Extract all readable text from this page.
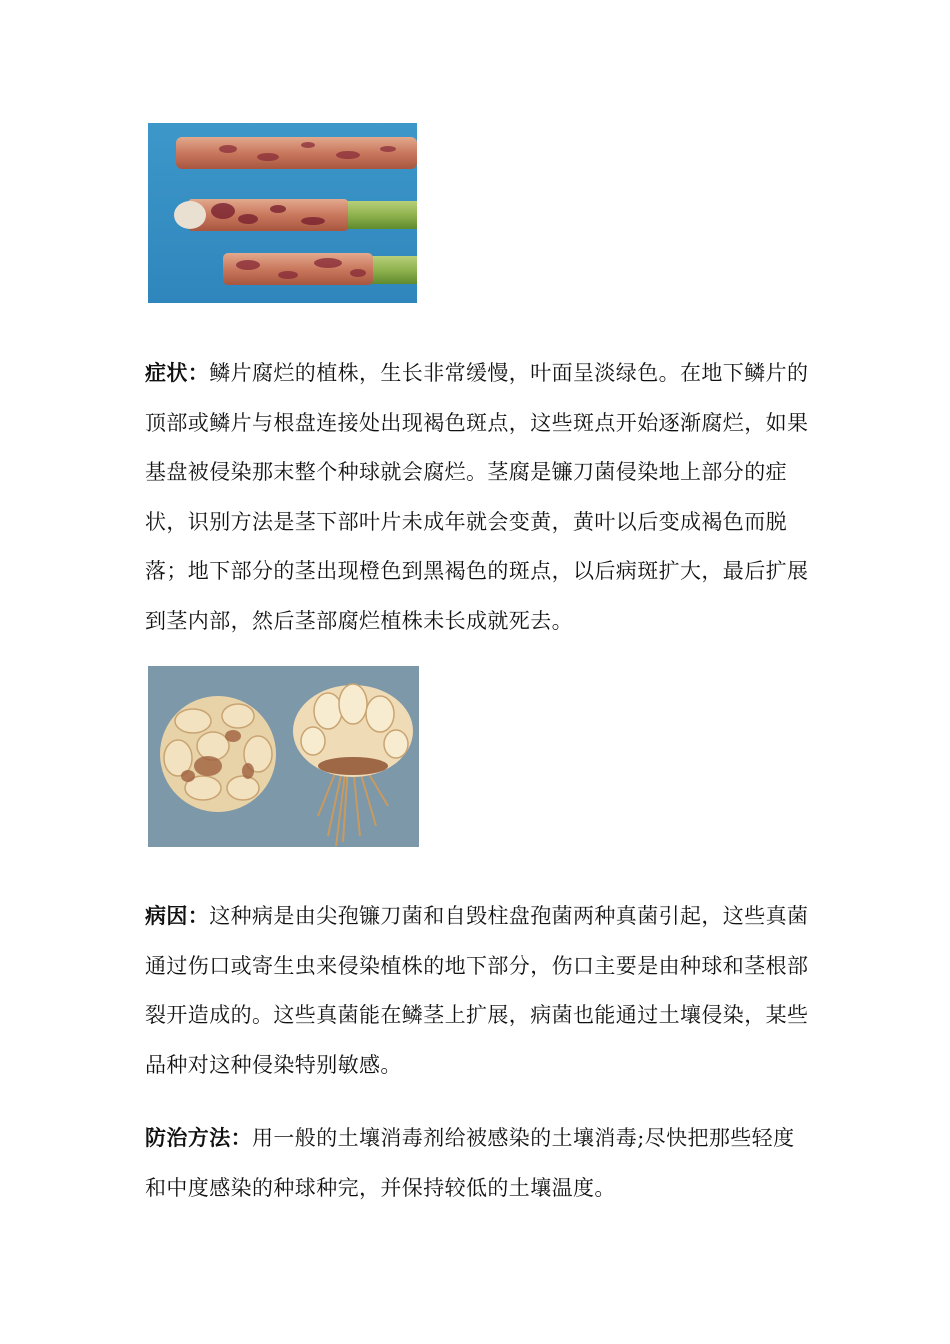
症状：鳞片腐烂的植株，生长非常缓慢，叶面呈淡绿色。在地下鳞片的顶部或鳞片与根盘连接处出现褐色斑点，这些斑点开始逐渐腐烂，如果基盘被侵染那末整个种球就会腐烂。茎腐是镰刀菌侵染地上部分的症状，识别方法是茎下部叶片未成年就会变黄，黄叶以后变成褐色而脱落；地下部分的茎出现橙色到黑褐色的斑点，以后病斑扩大，最后扩展到茎内部，然后茎部腐烂植株未长成就死去。
病因：这种病是由尖孢镰刀菌和自毁柱盘孢菌两种真菌引起，这些真菌通过伤口或寄生虫来侵染植株的地下部分，伤口主要是由种球和茎根部裂开造成的。这些真菌能在鳞茎上扩展，病菌也能通过土壤侵染，某些品种对这种侵染特别敏感。
防治方法：用一般的土壤消毒剂给被感染的土壤消毒;尽快把那些轻度和中度感染的种球种完，并保持较低的土壤温度。
